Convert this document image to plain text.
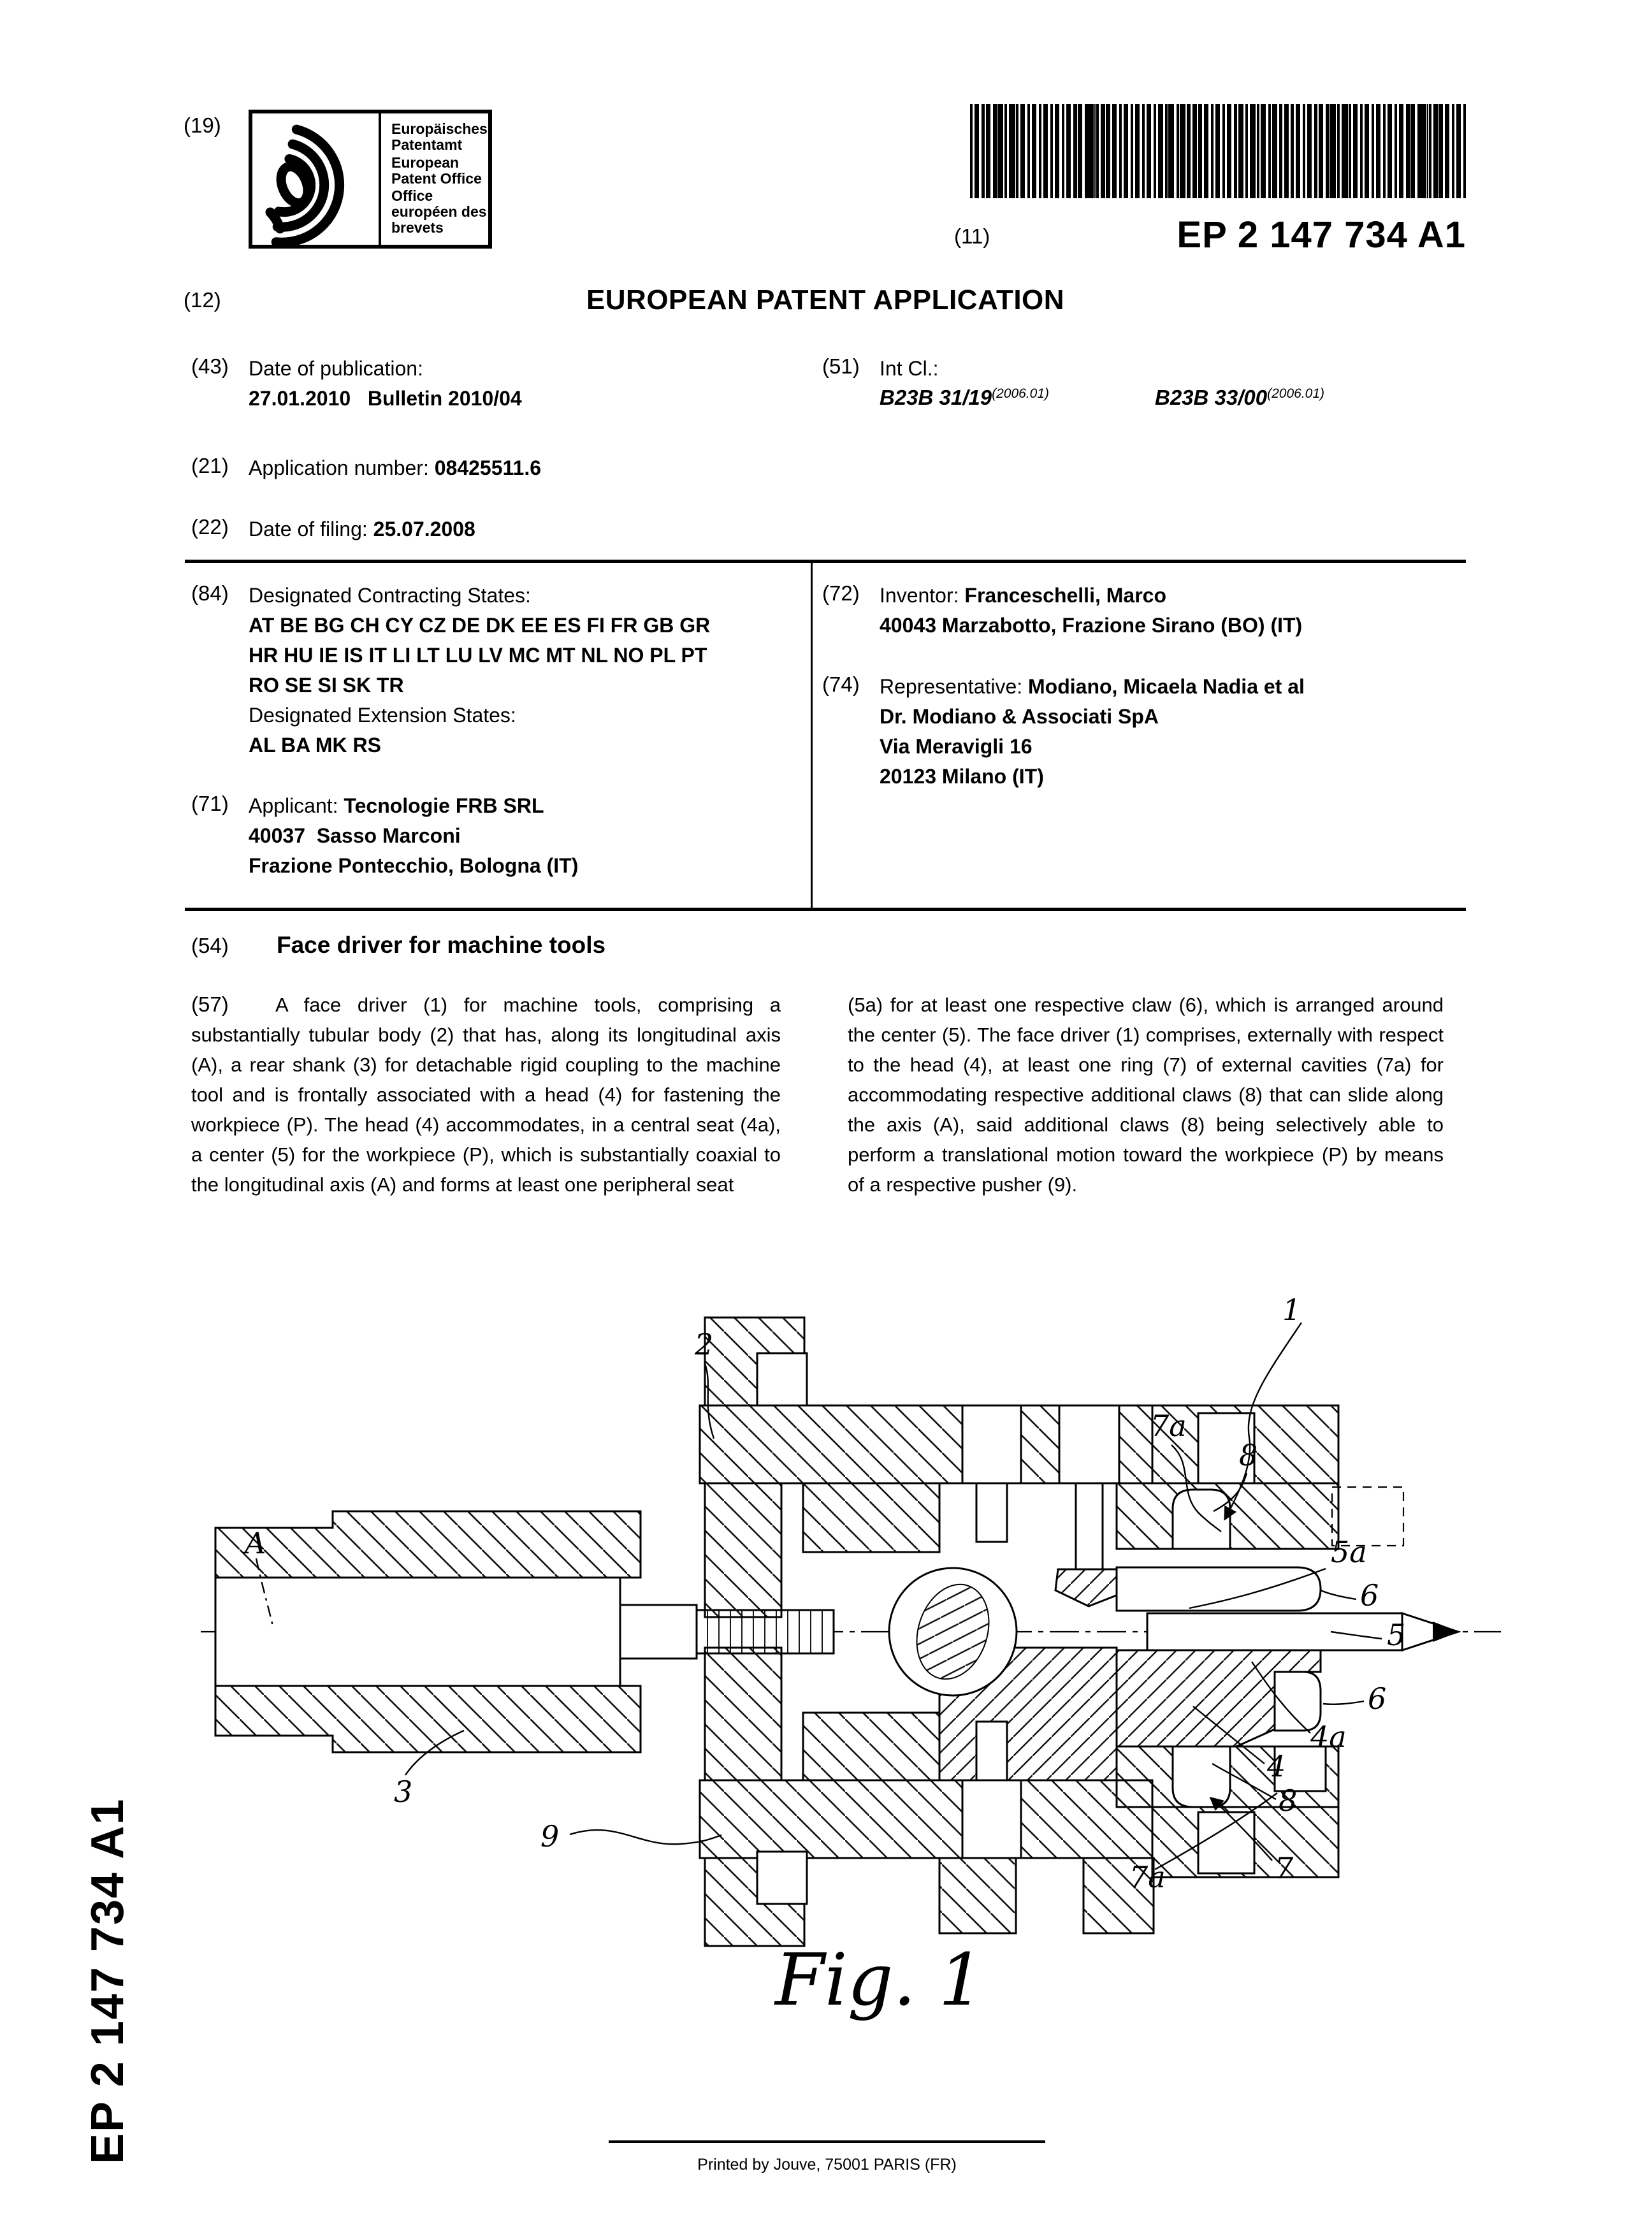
(19)	Europäisches Patentamt
European Patent Office
Office européen des brevets	(11)	EP 2 147 734 A1
(12)	EUROPEAN PATENT APPLICATION
(43) Date of publication:
27.01.2010   Bulletin 2010/04
(51) Int Cl.:
B23B 31/19(2006.01)	B23B 33/00(2006.01)
(21) Application number: 08425511.6
(22) Date of filing: 25.07.2008
(84) Designated Contracting States:
AT BE BG CH CY CZ DE DK EE ES FI FR GB GR
HR HU IE IS IT LI LT LU LV MC MT NL NO PL PT
RO SE SI SK TR
Designated Extension States:
AL BA MK RS
(71) Applicant: Tecnologie FRB SRL
40037  Sasso Marconi
Frazione Pontecchio, Bologna (IT)
(72) Inventor: Franceschelli, Marco
40043 Marzabotto, Frazione Sirano (BO) (IT)
(74) Representative: Modiano, Micaela Nadia et al
Dr. Modiano & Associati SpA
Via Meravigli 16
20123 Milano (IT)
(54) Face driver for machine tools
(57)	A face driver (1) for machine tools, comprising a substantially tubular body (2) that has, along its longitudinal axis (A), a rear shank (3) for detachable rigid coupling to the machine tool and is frontally associated with a head (4) for fastening the workpiece (P). The head (4) accommodates, in a central seat (4a), a center (5) for the workpiece (P), which is substantially coaxial to the longitudinal axis (A) and forms at least one peripheral seat
(5a) for at least one respective claw (6), which is arranged around the center (5). The face driver (1) comprises, externally with respect to the head (4), at least one ring (7) of external cavities (7a) for accommodating respective additional claws (8) that can slide along the axis (A), said additional claws (8) being selectively able to perform a translational motion toward the workpiece (P) by means of a respective pusher (9).
1
2
7a
8
A	5a
6
5
6
4a
4
8
7
7a
3
9
Fig. 1
EP 2 147 734 A1
Printed by Jouve, 75001 PARIS (FR)
